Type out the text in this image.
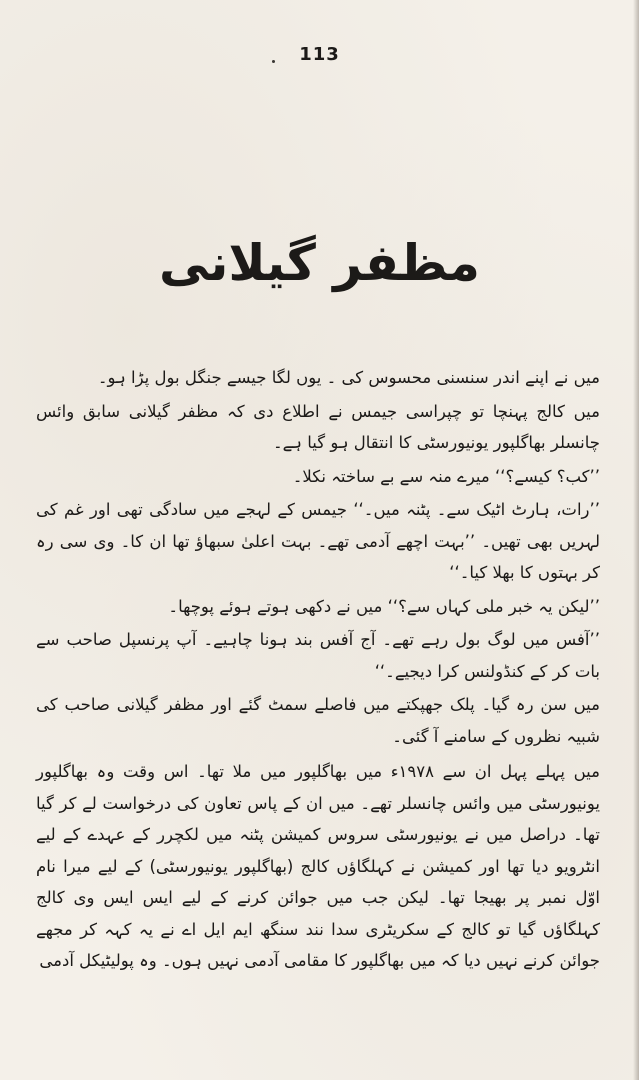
113
مظفر گیلانی

میں نے اپنے اندر سنسنی محسوس کی ۔ یوں لگا جیسے جنگل بول پڑا ہو۔

میں کالج پہنچا تو چپراسی جیمس نے اطلاع دی کہ مظفر گیلانی سابق وائس چانسلر بھاگلپور یونیورسٹی کا انتقال ہو گیا ہے۔

’’کب؟ کیسے؟‘‘ میرے منہ سے بے ساختہ نکلا۔

’’رات، ہارٹ اٹیک سے۔ پٹنہ میں۔‘‘ جیمس کے لہجے میں سادگی تھی اور غم کی لہریں بھی تھیں۔ ’’بہت اچھے آدمی تھے۔ بہت اعلیٰ سبھاؤ تھا ان کا۔ وی سی رہ کر بہتوں کا بھلا کیا۔‘‘

’’لیکن یہ خبر ملی کہاں سے؟‘‘ میں نے دکھی ہوتے ہوئے پوچھا۔

’’آفس میں لوگ بول رہے تھے۔ آج آفس بند ہونا چاہیے۔ آپ پرنسپل صاحب سے بات کر کے کنڈولنس کرا دیجیے۔‘‘

میں سن رہ گیا۔ پلک جھپکتے میں فاصلے سمٹ گئے اور مظفر گیلانی صاحب کی شبیہ نظروں کے سامنے آ گئی۔

میں پہلے پہل ان سے ۱۹۷۸ء میں بھاگلپور میں ملا تھا۔ اس وقت وہ بھاگلپور یونیورسٹی میں وائس چانسلر تھے۔ میں ان کے پاس تعاون کی درخواست لے کر گیا تھا۔ دراصل میں نے یونیورسٹی سروس کمیشن پٹنہ میں لکچرر کے عہدے کے لیے انٹرویو دیا تھا اور کمیشن نے کہلگاؤں کالج (بھاگلپور یونیورسٹی) کے لیے میرا نام اوّل نمبر پر بھیجا تھا۔ لیکن جب میں جوائن کرنے کے لیے ایس ایس وی کالج کہلگاؤں گیا تو کالج کے سکریٹری سدا نند سنگھ ایم ایل اے نے یہ کہہ کر مجھے جوائن کرنے نہیں دیا کہ میں بھاگلپور کا مقامی آدمی نہیں ہوں۔ وہ پولیٹیکل آدمی
